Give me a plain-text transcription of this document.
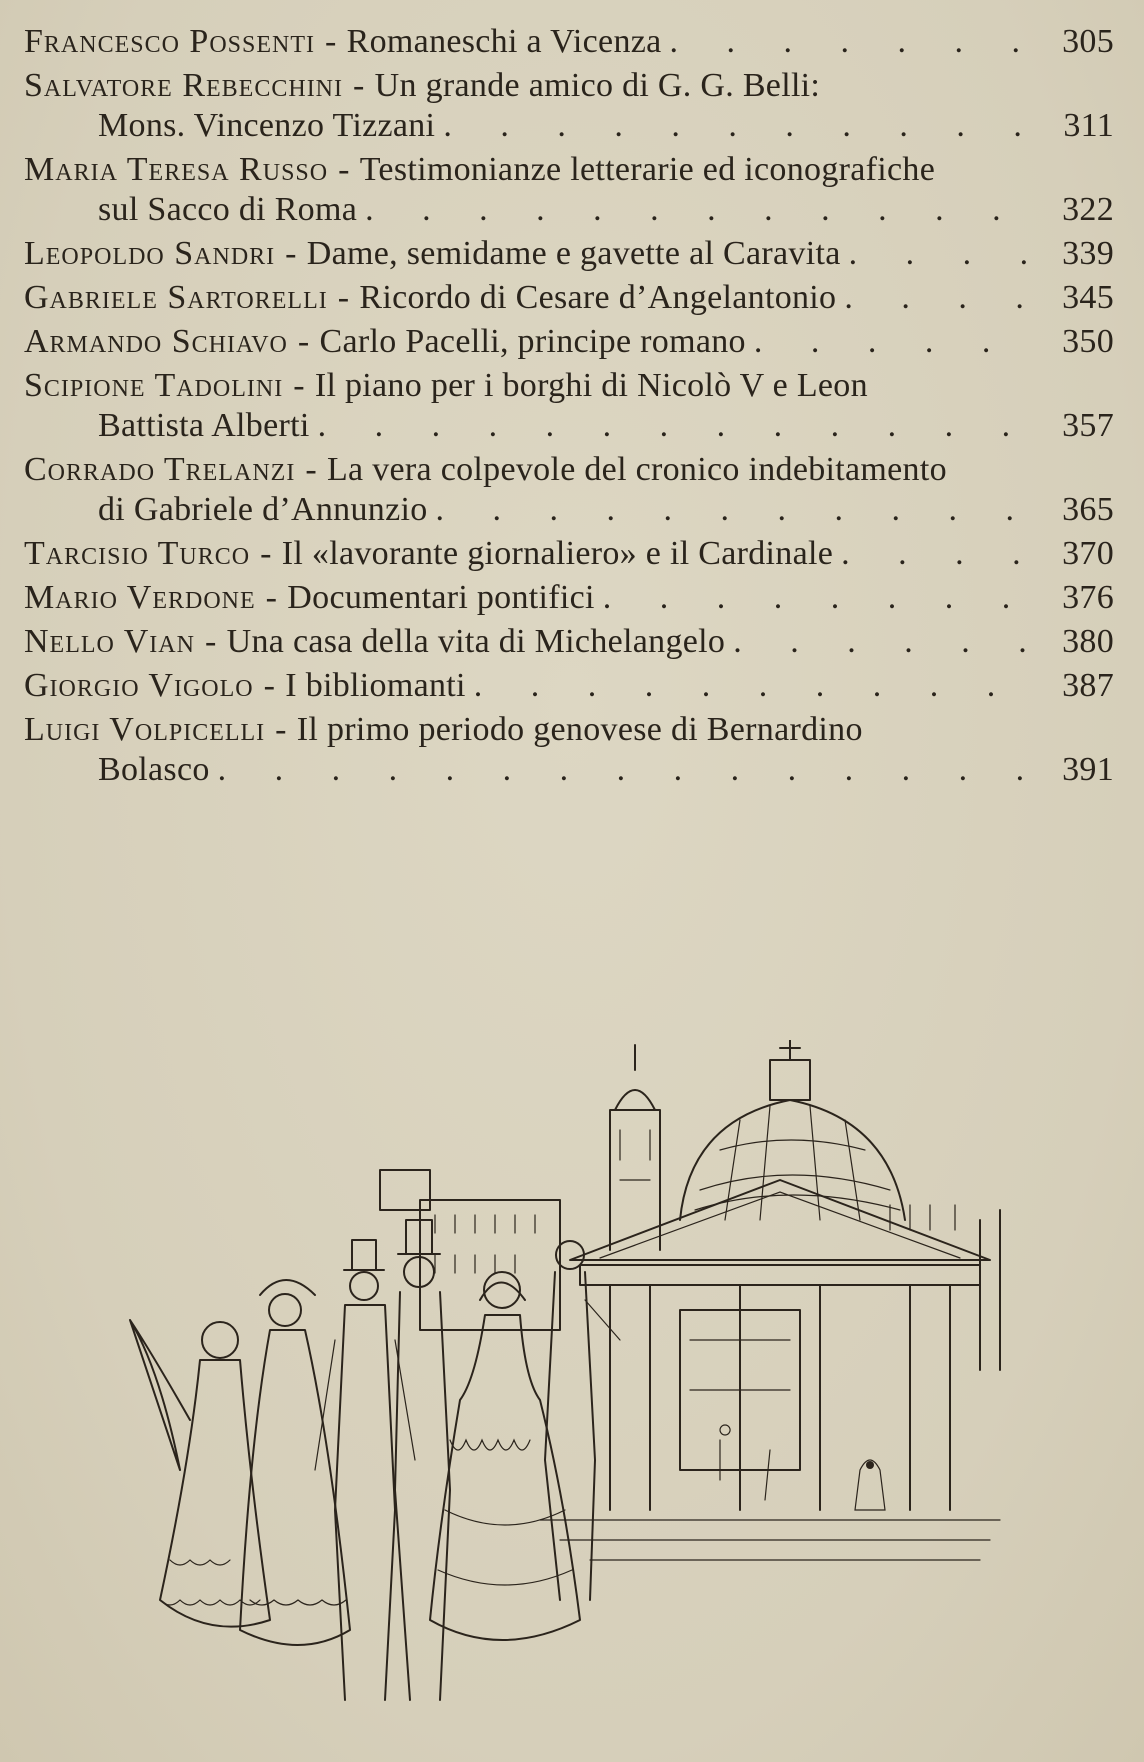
Francesco Possenti - Romaneschi a Vicenza . . .	305
Salvatore Rebecchini - Un grande amico di G. G. Belli:
Mons. Vincenzo Tizzani . . .	311
Maria Teresa Russo - Testimonianze letterarie ed iconografiche
sul Sacco di Roma . . .	322
Leopoldo Sandri - Dame, semidame e gavette al Caravita . . .	339
Gabriele Sartorelli - Ricordo di Cesare d’Angelantonio . . .	345
Armando Schiavo - Carlo Pacelli, principe romano . . .	350
Scipione Tadolini - Il piano per i borghi di Nicolò V e Leon
Battista Alberti . . .	357
Corrado Trelanzi - La vera colpevole del cronico indebitamento
di Gabriele d’Annunzio . . .	365
Tarcisio Turco - Il «lavorante giornaliero» e il Cardinale . . .	370
Mario Verdone - Documentari pontifici . . .	376
Nello Vian - Una casa della vita di Michelangelo . . .	380
Giorgio Vigolo - I bibliomanti . . .	387
Luigi Volpicelli - Il primo periodo genovese di Bernardino
Bolasco . . .	391
